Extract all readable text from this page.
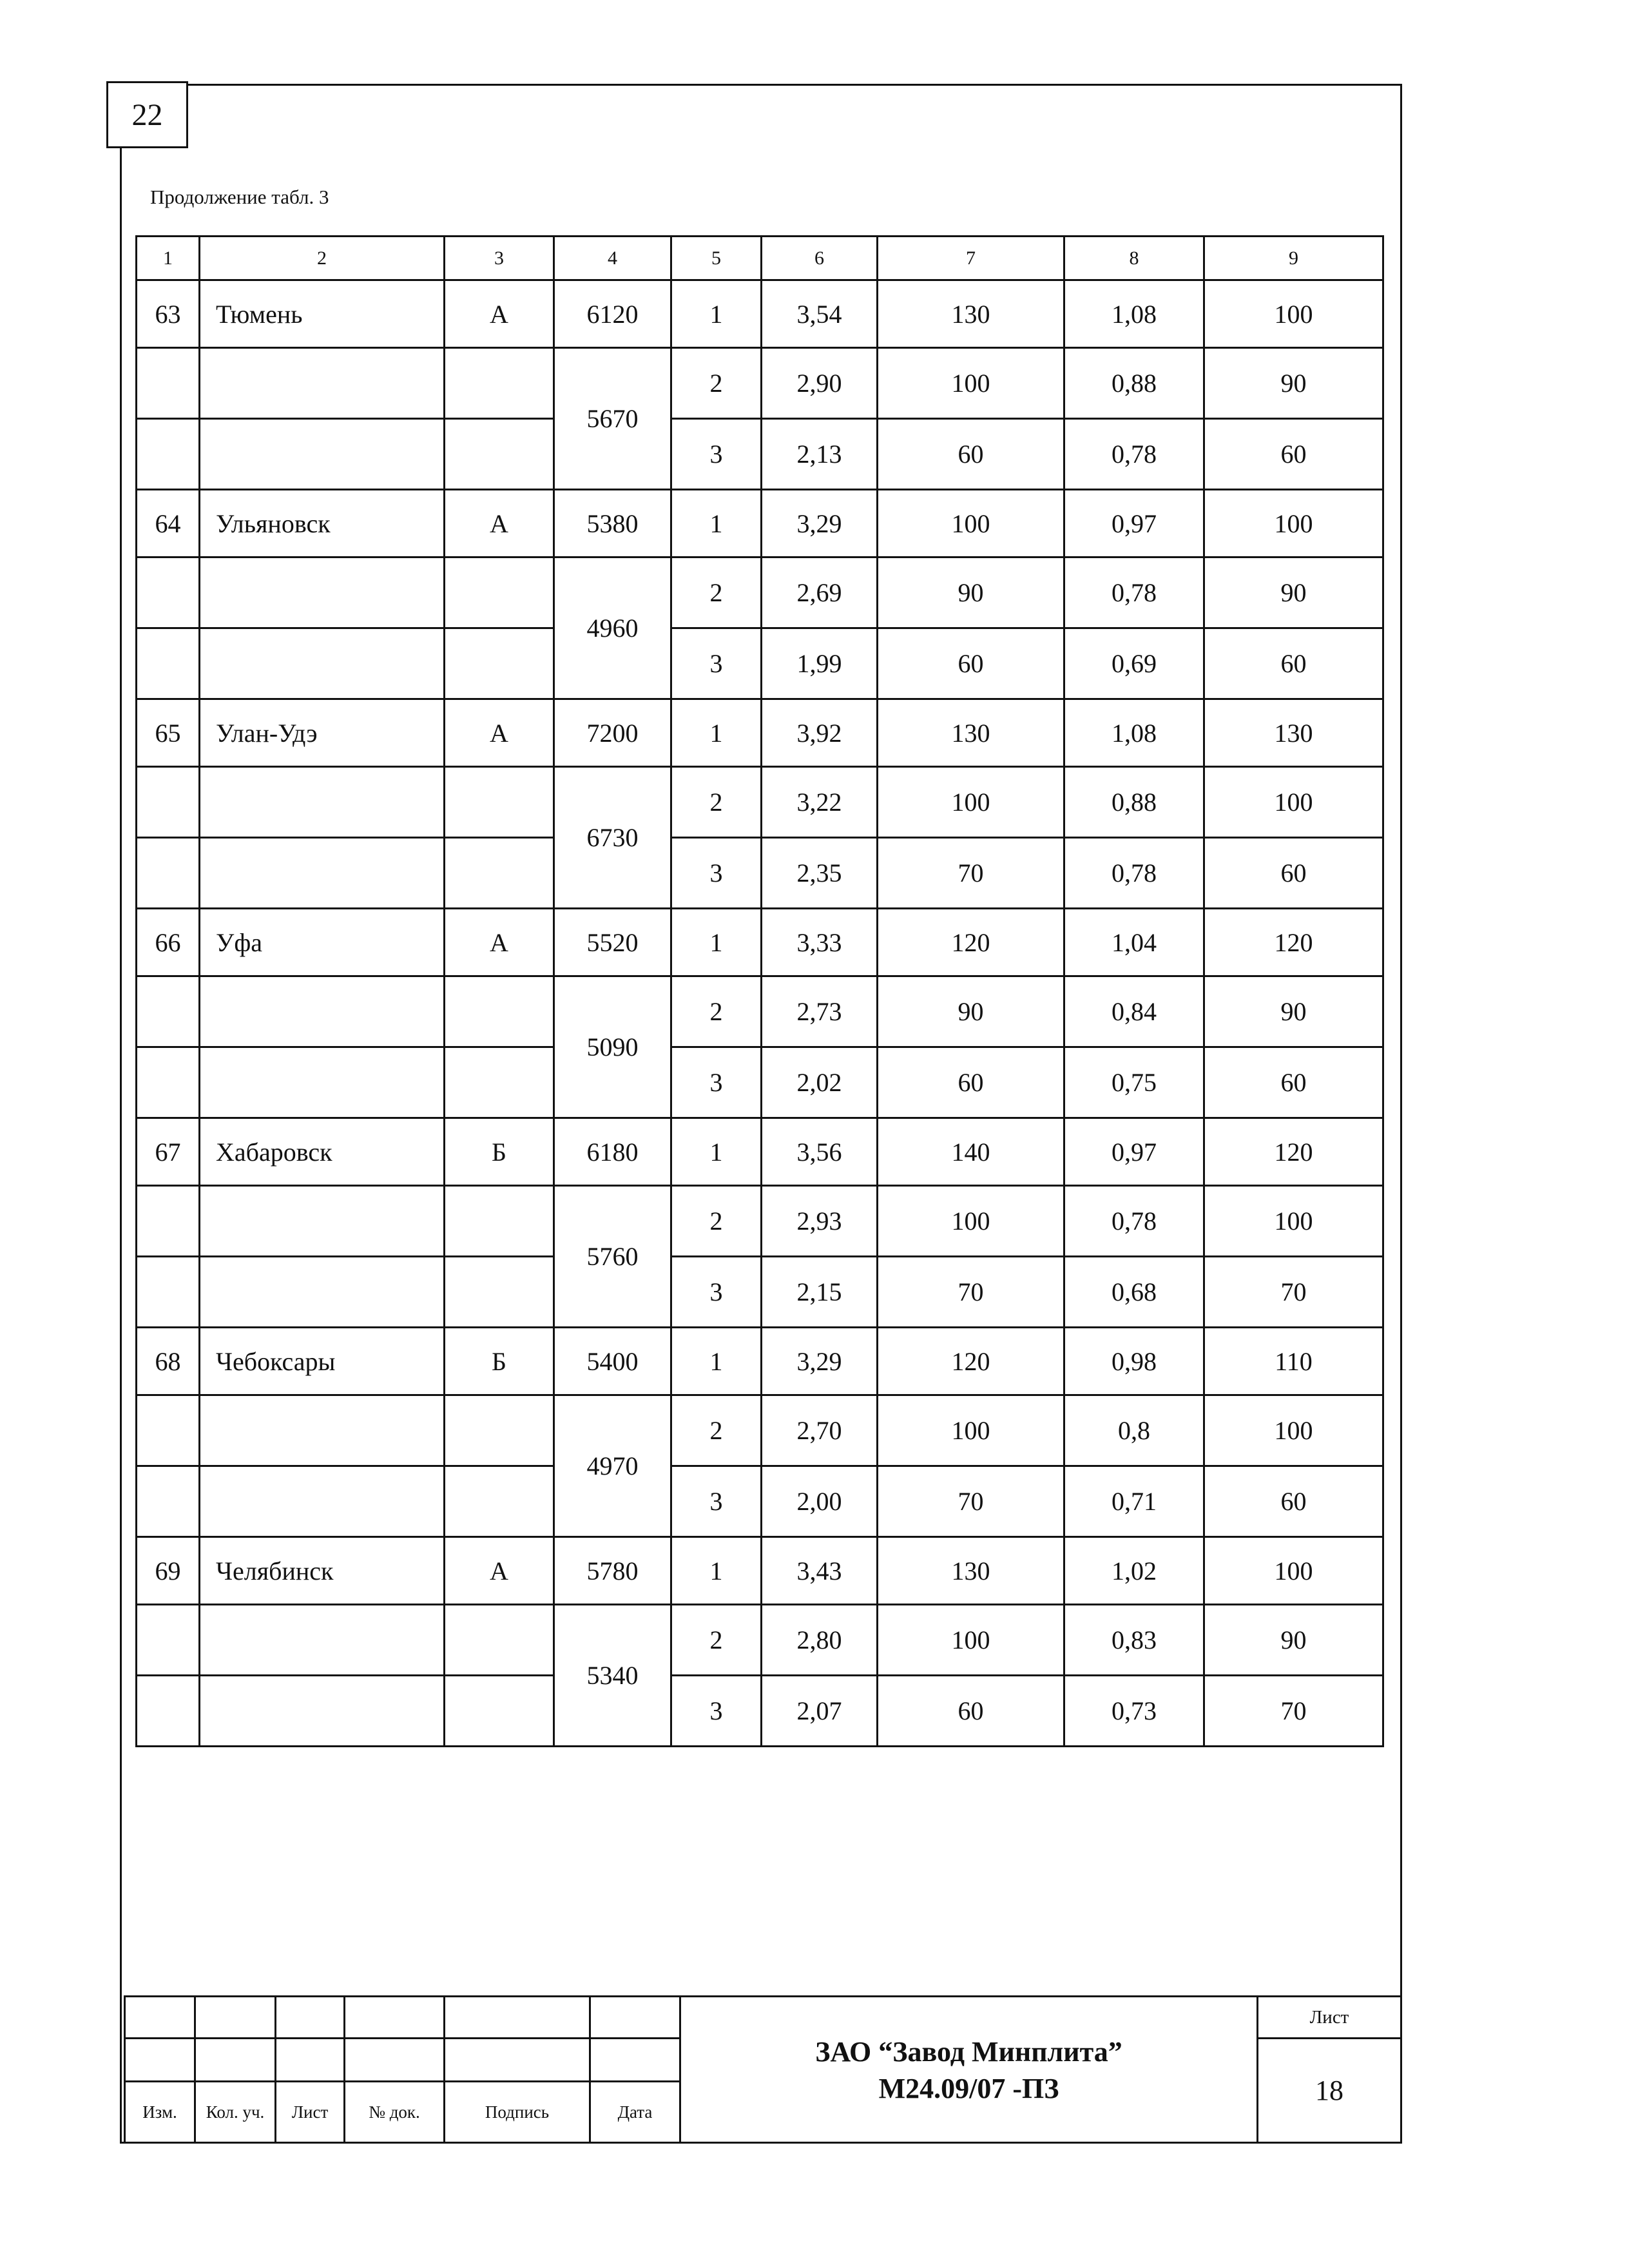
22
Продолжение табл. 3
1	2	3	4	5	6	7	8	9
63	Тюмень	А	6120	1	3,54	130	1,08	100
			5670	2	2,90	100	0,88	90
				3	2,13	60	0,78	60
64	Ульяновск	А	5380	1	3,29	100	0,97	100
			4960	2	2,69	90	0,78	90
				3	1,99	60	0,69	60
65	Улан-Удэ	А	7200	1	3,92	130	1,08	130
			6730	2	3,22	100	0,88	100
				3	2,35	70	0,78	60
66	Уфа	А	5520	1	3,33	120	1,04	120
			5090	2	2,73	90	0,84	90
				3	2,02	60	0,75	60
67	Хабаровск	Б	6180	1	3,56	140	0,97	120
			5760	2	2,93	100	0,78	100
				3	2,15	70	0,68	70
68	Чебоксары	Б	5400	1	3,29	120	0,98	110
			4970	2	2,70	100	0,8	100
				3	2,00	70	0,71	60
69	Челябинск	А	5780	1	3,43	130	1,02	100
			5340	2	2,80	100	0,83	90
				3	2,07	60	0,73	70

						ЗАО “Завод Минплита”
М24.09/07 -ПЗ	Лист
							18
Изм.	Кол. уч.	Лист	№ док.	Подпись	Дата		
